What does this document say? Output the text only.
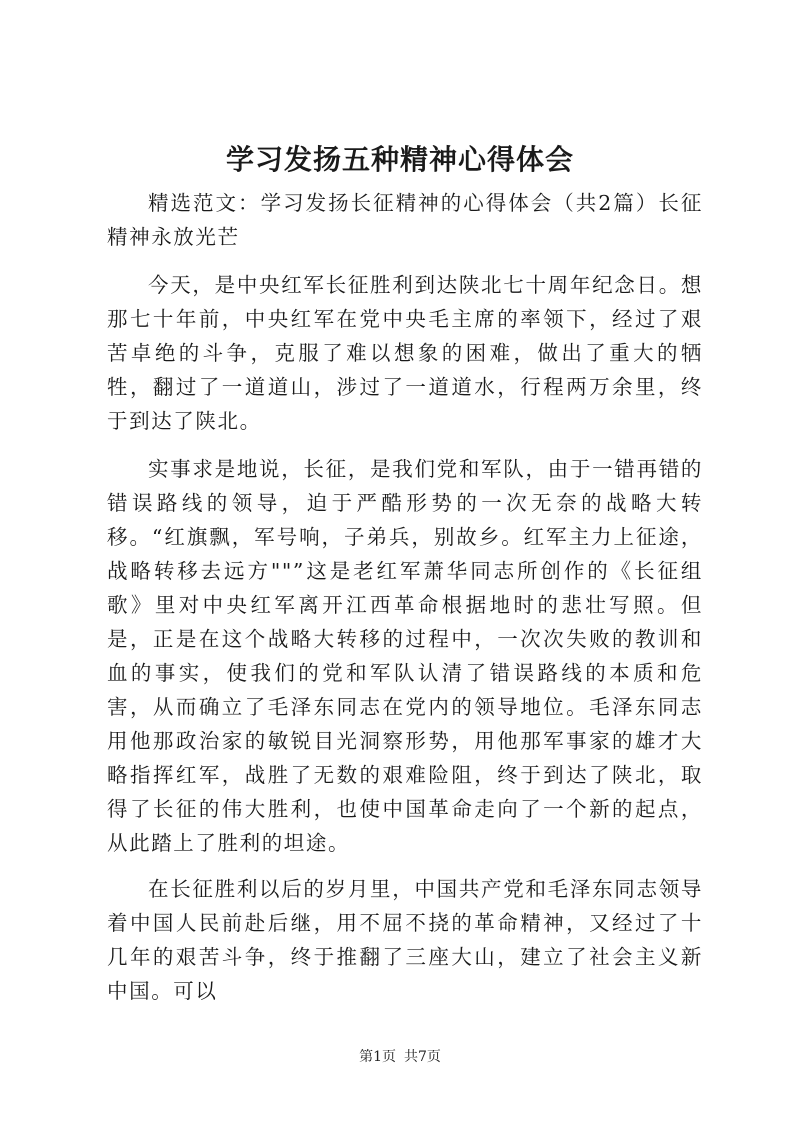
学习发扬五种精神心得体会

精选范文：学习发扬长征精神的心得体会（共2篇）长征精神永放光芒

今天，是中央红军长征胜利到达陕北七十周年纪念日。想那七十年前，中央红军在党中央毛主席的率领下，经过了艰苦卓绝的斗争，克服了难以想象的困难，做出了重大的牺牲，翻过了一道道山，涉过了一道道水，行程两万余里，终于到达了陕北。

实事求是地说，长征，是我们党和军队，由于一错再错的错误路线的领导，迫于严酷形势的一次无奈的战略大转移。“红旗飘，军号响，子弟兵，别故乡。红军主力上征途，战略转移去远方""”这是老红军萧华同志所创作的《长征组歌》里对中央红军离开江西革命根据地时的悲壮写照。但是，正是在这个战略大转移的过程中，一次次失败的教训和血的事实，使我们的党和军队认清了错误路线的本质和危害，从而确立了毛泽东同志在党内的领导地位。毛泽东同志用他那政治家的敏锐目光洞察形势，用他那军事家的雄才大略指挥红军，战胜了无数的艰难险阻，终于到达了陕北，取得了长征的伟大胜利，也使中国革命走向了一个新的起点，从此踏上了胜利的坦途。

在长征胜利以后的岁月里，中国共产党和毛泽东同志领导着中国人民前赴后继，用不屈不挠的革命精神，又经过了十几年的艰苦斗争，终于推翻了三座大山，建立了社会主义新中国。可以

第1页 共7页
